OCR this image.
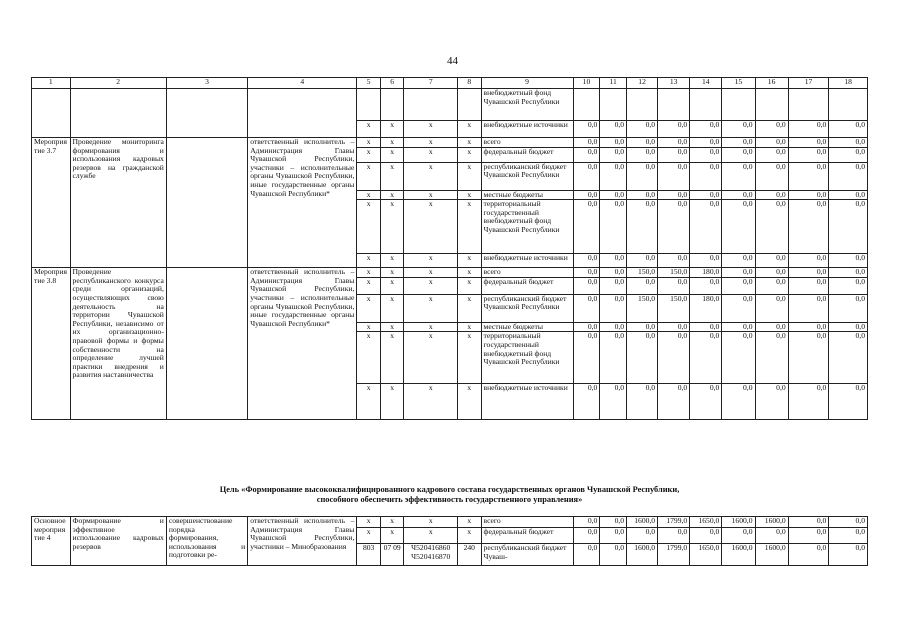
44
1	2	3	4	5	6	7	8	9	10	11	12	13	14	15	16	17	18
								внебюджетный фонд Чувашской Республики									
				x	x	x	x	внебюджетные источники	0,0	0,0	0,0	0,0	0,0	0,0	0,0	0,0	0,0
Мероприятие 3.7	Проведение мониторинга формирования и использования кадровых резервов на гражданской службе		ответственный исполнитель – Администрация Главы Чувашской Республики, участники – исполнительные органы Чувашской Республики, иные государственные органы Чувашской Республики*	x	x	x	x	всего	0,0	0,0	0,0	0,0	0,0	0,0	0,0	0,0	0,0
				x	x	x	x	федеральный бюджет	0,0	0,0	0,0	0,0	0,0	0,0	0,0	0,0	0,0
				x	x	x	x	республиканский бюджет Чувашской Республики	0,0	0,0	0,0	0,0	0,0	0,0	0,0	0,0	0,0
				x	x	x	x	местные бюджеты	0,0	0,0	0,0	0,0	0,0	0,0	0,0	0,0	0,0
				x	x	x	x	территориальный государственный внебюджетный фонд Чувашской Республики	0,0	0,0	0,0	0,0	0,0	0,0	0,0	0,0	0,0
				x	x	x	x	внебюджетные источники	0,0	0,0	0,0	0,0	0,0	0,0	0,0	0,0	0,0
Мероприятие 3.8	Проведение республиканского конкурса среди организаций, осуществляющих свою деятельность на территории Чувашской Республики, независимо от их организационно-правовой формы и формы собственности на определение лучшей практики внедрения и развития наставничества		ответственный исполнитель – Администрация Главы Чувашской Республики, участники – исполнительные органы Чувашской Республики, иные государственные органы Чувашской Республики*	x	x	x	x	всего	0,0	0,0	150,0	150,0	180,0	0,0	0,0	0,0	0,0
				x	x	x	x	федеральный бюджет	0,0	0,0	0,0	0,0	0,0	0,0	0,0	0,0	0,0
				x	x	x	x	республиканский бюджет Чувашской Республики	0,0	0,0	150,0	150,0	180,0	0,0	0,0	0,0	0,0
				x	x	x	x	местные бюджеты	0,0	0,0	0,0	0,0	0,0	0,0	0,0	0,0	0,0
				x	x	x	x	территориальный государственный внебюджетный фонд Чувашской Республики	0,0	0,0	0,0	0,0	0,0	0,0	0,0	0,0	0,0
				x	x	x	x	внебюджетные источники	0,0	0,0	0,0	0,0	0,0	0,0	0,0	0,0	0,0
Цель «Формирование высококвалифицированного кадрового состава государственных органов Чувашской Республики,
способного обеспечить эффективность государственного управления»
Основное мероприятие 4	Формирование и эффективное использование кадровых резервов	совершенствование порядка формирования, использования и подготовки ре-	ответственный исполнитель – Администрация Главы Чувашской Республики, участники – Минобразования	x	x	x	x	всего	0,0	0,0	1600,0	1799,0	1650,0	1600,0	1600,0	0,0	0,0
				x	x	x	x	федеральный бюджет	0,0	0,0	0,0	0,0	0,0	0,0	0,0	0,0	0,0
				803	07 09	Ч520416860 Ч520416870	240	республиканский бюджет Чуваш-	0,0	0,0	1600,0	1799,0	1650,0	1600,0	1600,0	0,0	0,0
